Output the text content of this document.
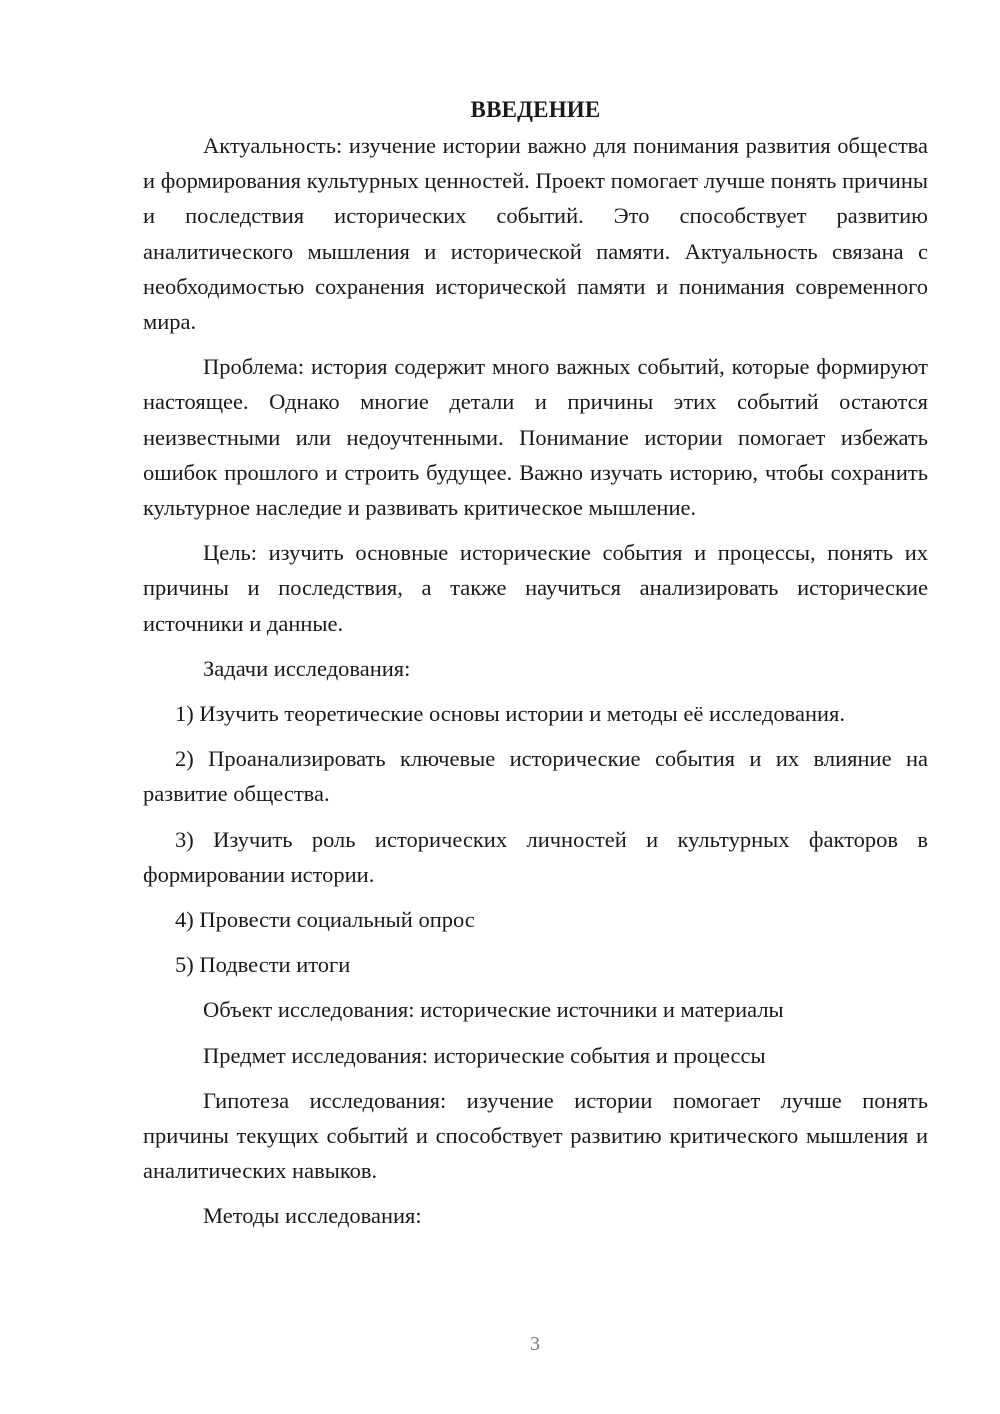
ВВЕДЕНИЕ

Актуальность: изучение истории важно для понимания развития общества и формирования культурных ценностей. Проект помогает лучше понять причины и последствия исторических событий. Это способствует развитию аналитического мышления и исторической памяти. Актуальность связана с необходимостью сохранения исторической памяти и понимания современного мира.

Проблема: история содержит много важных событий, которые формируют настоящее. Однако многие детали и причины этих событий остаются неизвестными или недоучтенными. Понимание истории помогает избежать ошибок прошлого и строить будущее. Важно изучать историю, чтобы сохранить культурное наследие и развивать критическое мышление.

Цель: изучить основные исторические события и процессы, понять их причины и последствия, а также научиться анализировать исторические источники и данные.

Задачи исследования:

1) Изучить теоретические основы истории и методы её исследования.

2) Проанализировать ключевые исторические события и их влияние на развитие общества.

3) Изучить роль исторических личностей и культурных факторов в формировании истории.

4) Провести социальный опрос

5) Подвести итоги

Объект исследования: исторические источники и материалы

Предмет исследования: исторические события и процессы

Гипотеза исследования: изучение истории помогает лучше понять причины текущих событий и способствует развитию критического мышления и аналитических навыков.

Методы исследования:

3
